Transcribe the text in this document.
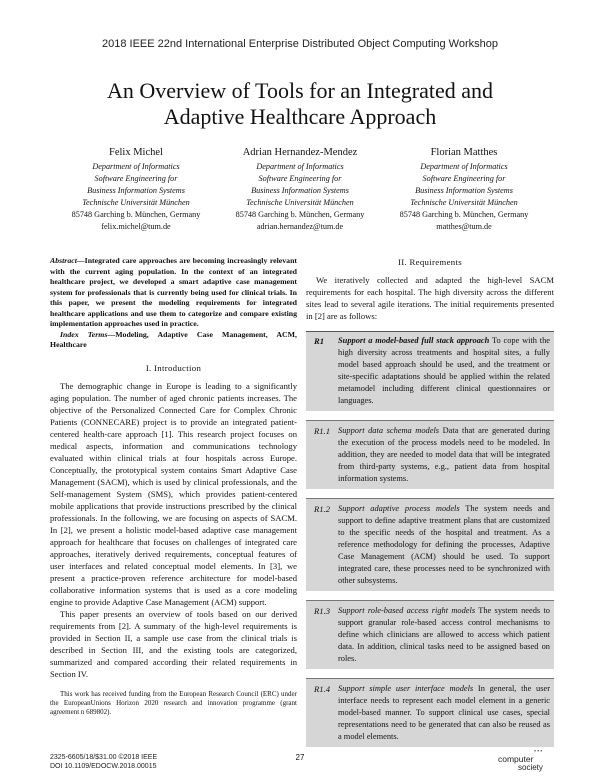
2018 IEEE 22nd International Enterprise Distributed Object Computing Workshop
An Overview of Tools for an Integrated and
Adaptive Healthcare Approach
Felix Michel
Department of Informatics
Software Engineering for
Business Information Systems
Technische Universität München
85748 Garching b. München, Germany
felix.michel@tum.de
Adrian Hernandez-Mendez
Department of Informatics
Software Engineering for
Business Information Systems
Technische Universität München
85748 Garching b. München, Germany
adrian.hernandez@tum.de
Florian Matthes
Department of Informatics
Software Engineering for
Business Information Systems
Technische Universität München
85748 Garching b. München, Germany
matthes@tum.de

Abstract—Integrated care approaches are becoming increasingly relevant with the current aging population. In the context of an integrated healthcare project, we developed a smart adaptive case management system for professionals that is currently being used for clinical trials. In this paper, we present the modeling requirements for integrated healthcare applications and use them to categorize and compare existing implementation approaches used in practice.

Index Terms—Modeling, Adaptive Case Management, ACM, Healthcare

I. Introduction

The demographic change in Europe is leading to a significantly aging population. The number of aged chronic patients increases. The objective of the Personalized Connected Care for Complex Chronic Patients (CONNECARE) project is to provide an integrated patient-centered health-care approach [1]. This research project focuses on medical aspects, information and communications technology evaluated within clinical trials at four hospitals across Europe. Conceptually, the prototypical system contains Smart Adaptive Case Management (SACM), which is used by clinical professionals, and the Self-management System (SMS), which provides patient-centered mobile applications that provide instructions prescribed by the clinical professionals. In the following, we are focusing on aspects of SACM. In [2], we present a holistic model-based adaptive case management approach for healthcare that focuses on challenges of integrated care approaches, iteratively derived requirements, conceptual features of user interfaces and related conceptual model elements. In [3], we present a practice-proven reference architecture for model-based collaborative information systems that is used as a core modeling engine to provide Adaptive Case Management (ACM) support.

This paper presents an overview of tools based on our derived requirements from [2]. A summary of the high-level requirements is provided in Section II, a sample use case from the clinical trials is described in Section III, and the existing tools are categorized, summarized and compared according their related requirements in Section IV.

This work has received funding from the European Research Council (ERC) under the EuropeanUnions Horizon 2020 research and innovation programme (grant agreement n 689802).

II. Requirements

We iteratively collected and adapted the high-level SACM requirements for each hospital. The high diversity across the different sites lead to several agile iterations. The initial requirements presented in [2] are as follows:

R1	Support a model-based full stack approach To cope with the high diversity across treatments and hospital sites, a fully model based approach should be used, and the treatment or site-specific adaptations should be applied within the related metamodel including different clinical questionnaires or languages.
R1.1 Support data schema models Data that are generated during the execution of the process models need to be modeled. In addition, they are needed to model data that will be integrated from third-party systems, e.g., patient data from hospital information systems.
R1.2 Support adaptive process models The system needs and support to define adaptive treatment plans that are customized to the specific needs of the hospital and treatment. As a reference methodology for defining the processes, Adaptive Case Management (ACM) should be used. To support integrated care, these processes need to be synchronized with other subsystems.
R1.3 Support role-based access right models The system needs to support granular role-based access control mechanisms to define which clinicians are allowed to access which patient data. In addition, clinical tasks need to be assigned based on roles.
R1.4 Support simple user interface models In general, the user interface needs to represent each model element in a generic model-based manner. To support clinical use cases, special representations need to be generated that can also be reused as a model elements.
2325-6605/18/$31.00 ©2018 IEEE
DOI 10.1109/EDOCW.2018.00015
27
•••
computer
society
